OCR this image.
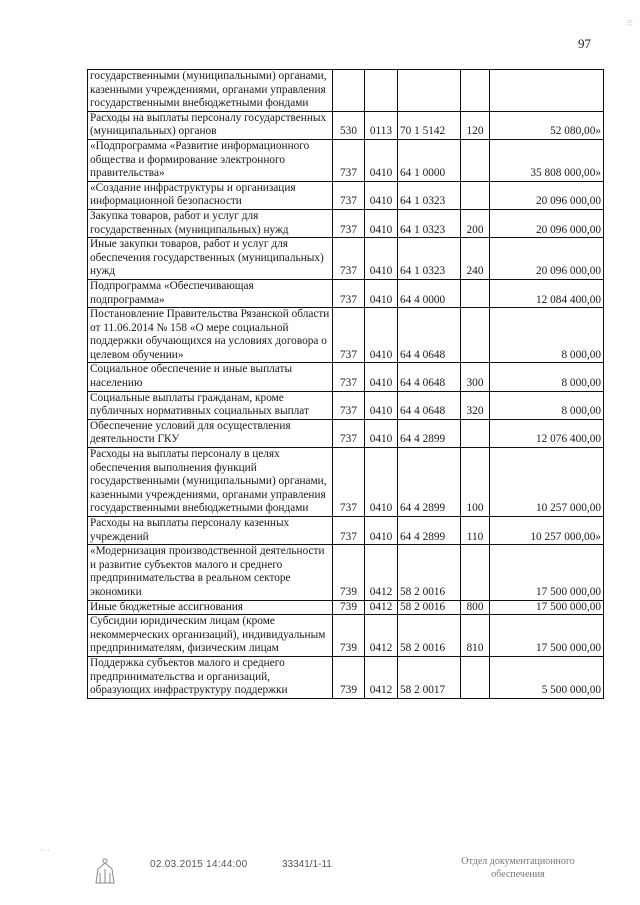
97
|||
государственными (муниципальными) органами, казенными учреждениями, органами управления государственными внебюджетными фондами					
Расходы на выплаты персоналу государственных (муниципальных) органов	530	0113	70 1 5142	120	52 080,00»
«Подпрограмма «Развитие информационного общества и формирование электронного правительства»	737	0410	64 1 0000		35 808 000,00»
«Создание инфраструктуры и организация информационной безопасности	737	0410	64 1 0323		20 096 000,00
Закупка товаров, работ и услуг для государственных (муниципальных) нужд	737	0410	64 1 0323	200	20 096 000,00
Иные закупки товаров, работ и услуг для обеспечения государственных (муниципальных) нужд	737	0410	64 1 0323	240	20 096 000,00
Подпрограмма «Обеспечивающая подпрограмма»	737	0410	64 4 0000		12 084 400,00
Постановление Правительства Рязанской области от 11.06.2014 № 158 «О мере социальной поддержки обучающихся на условиях договора о целевом обучении»	737	0410	64 4 0648		8 000,00
Социальное обеспечение и иные выплаты населению	737	0410	64 4 0648	300	8 000,00
Социальные выплаты гражданам, кроме публичных нормативных социальных выплат	737	0410	64 4 0648	320	8 000,00
Обеспечение условий для осуществления деятельности ГКУ	737	0410	64 4 2899		12 076 400,00
Расходы на выплаты персоналу в целях обеспечения выполнения функций государственными (муниципальными) органами, казенными учреждениями, органами управления государственными внебюджетными фондами	737	0410	64 4 2899	100	10 257 000,00
Расходы на выплаты персоналу казенных учреждений	737	0410	64 4 2899	110	10 257 000,00»
«Модернизация производственной деятельности и развитие субъектов малого и среднего предпринимательства в реальном секторе экономики	739	0412	58 2 0016		17 500 000,00
Иные бюджетные ассигнования	739	0412	58 2 0016	800	17 500 000,00
Субсидии юридическим лицам (кроме некоммерческих организаций), индивидуальным предпринимателям, физическим лицам	739	0412	58 2 0016	810	17 500 000,00
Поддержка субъектов малого и среднего предпринимательства и организаций, образующих инфраструктуру поддержки	739	0412	58 2 0017		5 500 000,00
·· ·
02.03.2015 14:44:00	33341/1-11	Отдел документационного
обеспечения
